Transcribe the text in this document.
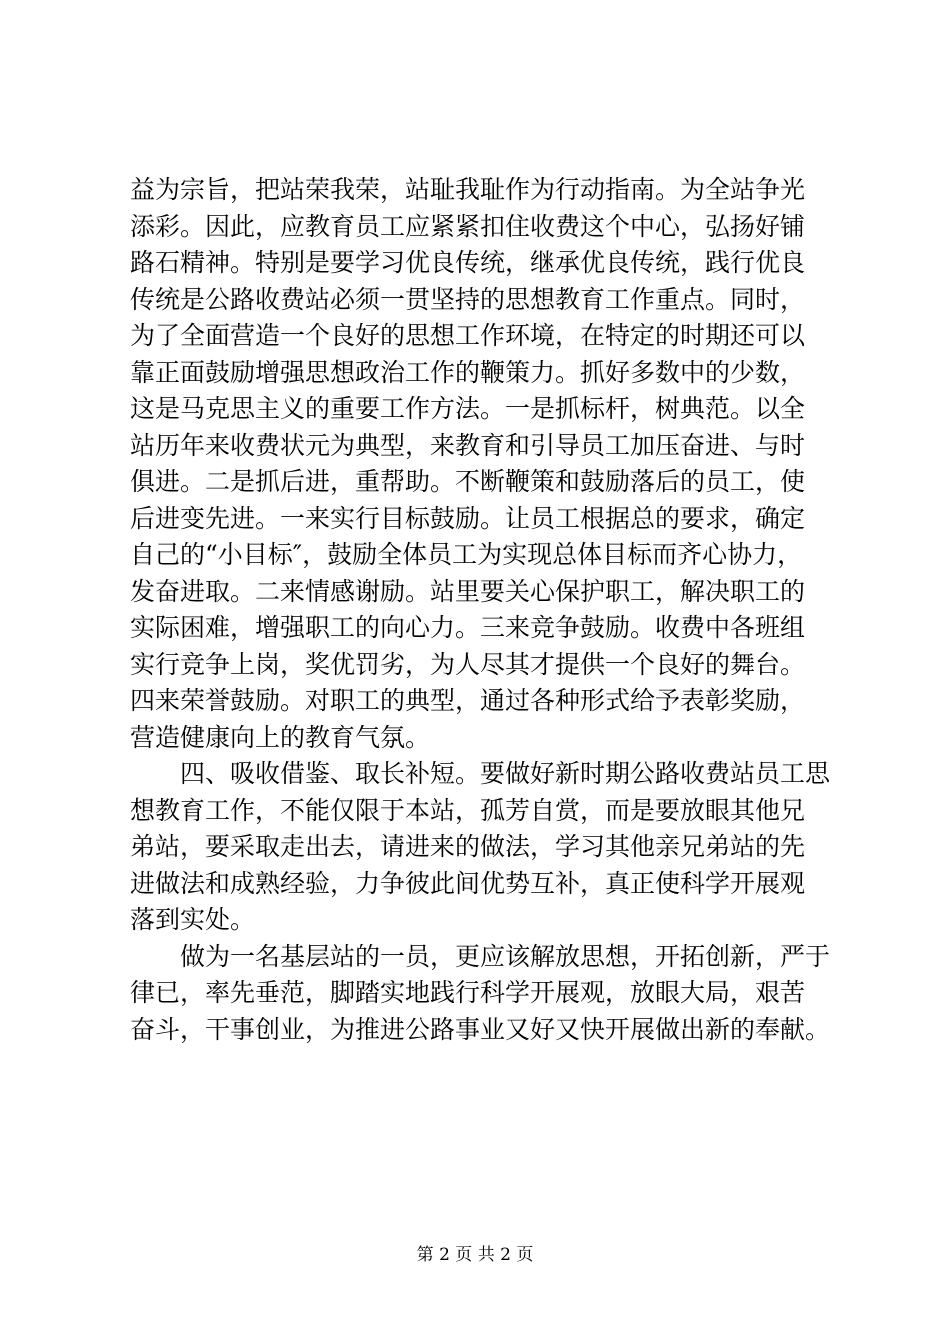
益为宗旨，把站荣我荣，站耻我耻作为行动指南。为全站争光
添彩。因此，应教育员工应紧紧扣住收费这个中心，弘扬好铺
路石精神。特别是要学习优良传统，继承优良传统，践行优良
传统是公路收费站必须一贯坚持的思想教育工作重点。同时，
为了全面营造一个良好的思想工作环境，在特定的时期还可以
靠正面鼓励增强思想政治工作的鞭策力。抓好多数中的少数，
这是马克思主义的重要工作方法。一是抓标杆，树典范。以全
站历年来收费状元为典型，来教育和引导员工加压奋进、与时
俱进。二是抓后进，重帮助。不断鞭策和鼓励落后的员工，使
后进变先进。一来实行目标鼓励。让员工根据总的要求，确定
自己的“小目标″，鼓励全体员工为实现总体目标而齐心协力，
发奋进取。二来情感谢励。站里要关心保护职工，解决职工的
实际困难，增强职工的向心力。三来竞争鼓励。收费中各班组
实行竞争上岗，奖优罚劣，为人尽其才提供一个良好的舞台。
四来荣誉鼓励。对职工的典型，通过各种形式给予表彰奖励，
营造健康向上的教育气氛。
　　四、吸收借鉴、取长补短。要做好新时期公路收费站员工思
想教育工作，不能仅限于本站，孤芳自赏，而是要放眼其他兄
弟站，要采取走出去，请进来的做法，学习其他亲兄弟站的先
进做法和成熟经验，力争彼此间优势互补，真正使科学开展观
落到实处。
　　做为一名基层站的一员，更应该解放思想，开拓创新，严于
律已，率先垂范，脚踏实地践行科学开展观，放眼大局，艰苦
奋斗，干事创业，为推进公路事业又好又快开展做出新的奉献。
第 2 页 共 2 页
